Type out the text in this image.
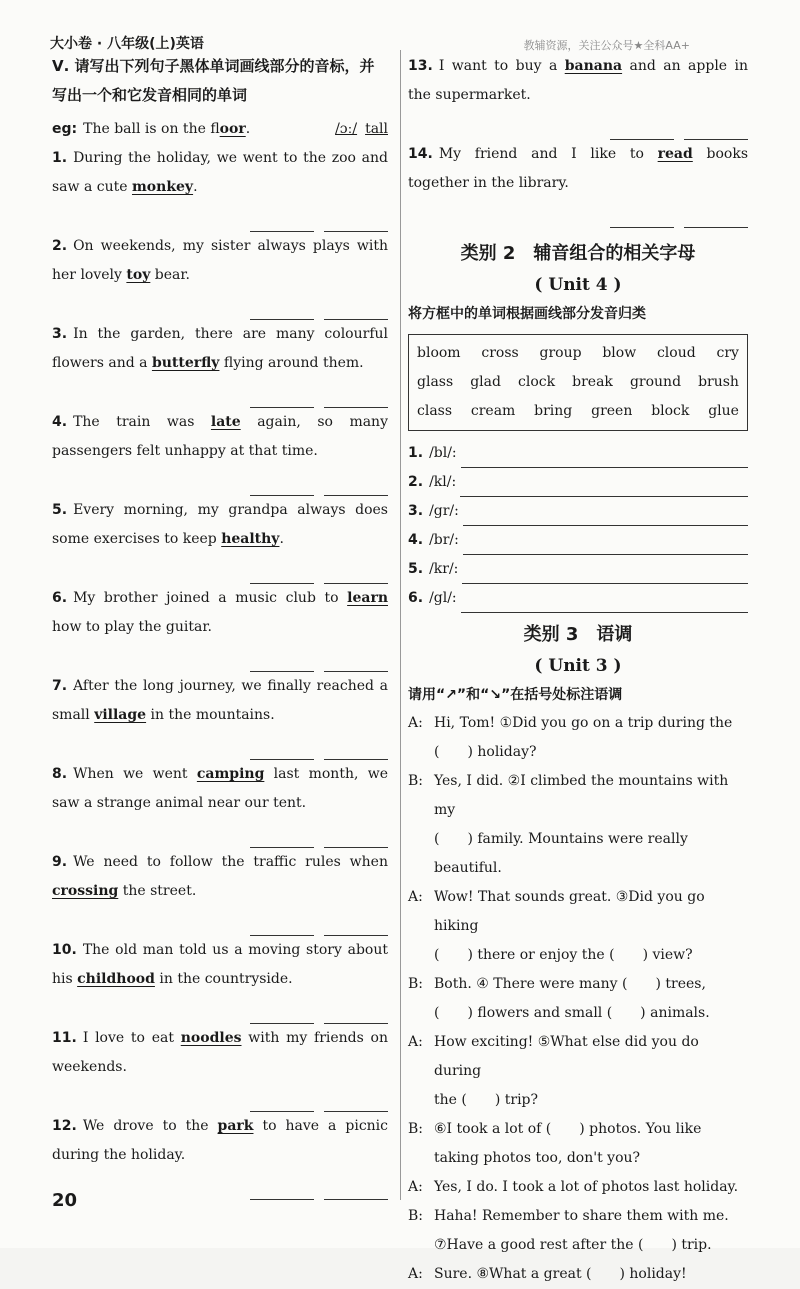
大小卷 · 八年级(上)英语	教辅资源，关注公众号★全科AA+
Ⅴ. 请写出下列句子黑体单词画线部分的音标，并写出一个和它发音相同的单词
eg: The ball is on the floor.	/ɔː/ tall
1. During the holiday, we went to the zoo and saw a cute monkey.
2. On weekends, my sister always plays with her lovely toy bear.
3. In the garden, there are many colourful flowers and a butterfly flying around them.
4. The train was late again, so many passengers felt unhappy at that time.
5. Every morning, my grandpa always does some exercises to keep healthy.
6. My brother joined a music club to learn how to play the guitar.
7. After the long journey, we finally reached a small village in the mountains.
8. When we went camping last month, we saw a strange animal near our tent.
9. We need to follow the traffic rules when crossing the street.
10. The old man told us a moving story about his childhood in the countryside.
11. I love to eat noodles with my friends on weekends.
12. We drove to the park to have a picnic during the holiday.
13. I want to buy a banana and an apple in the supermarket.
14. My friend and I like to read books together in the library.
类别 2　辅音组合的相关字母
( Unit 4 )
将方框中的单词根据画线部分发音归类
bloom cross group blow cloud cry
glass glad clock break ground brush
class cream bring green block glue
1. /bl/:
2. /kl/:
3. /gr/:
4. /br/:
5. /kr/:
6. /gl/:
类别 3　语调
( Unit 3 )
请用“↗”和“↘”在括号处标注语调
A: Hi, Tom! ①Did you go on a trip during the
(　　) holiday?
B: Yes, I did. ②I climbed the mountains with my
(　　) family. Mountains were really beautiful.
A: Wow! That sounds great. ③Did you go hiking
(　　) there or enjoy the (　　) view?
B: Both. ④ There were many (　　) trees,
(　　) flowers and small (　　) animals.
A: How exciting! ⑤What else did you do during
the (　　) trip?
B: ⑥I took a lot of (　　) photos. You like
taking photos too, don't you?
A: Yes, I do. I took a lot of photos last holiday.
B: Haha! Remember to share them with me.
⑦Have a good rest after the (　　) trip.
A: Sure. ⑧What a great (　　) holiday!
20
